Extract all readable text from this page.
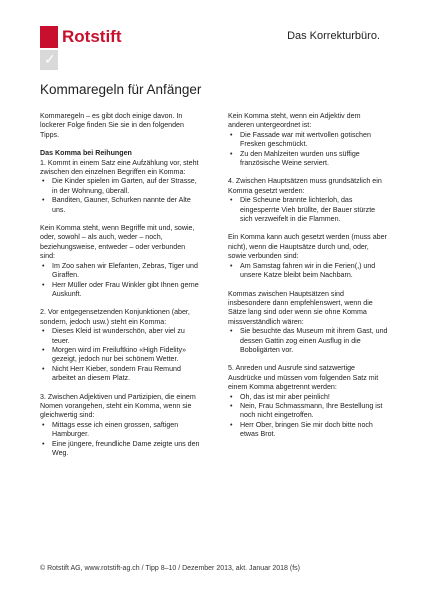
✓
Rotstift	Das Korrekturbüro.
Kommaregeln für Anfänger

Kommaregeln – es gibt doch einige davon. In lockerer Folge finden Sie sie in den folgenden Tipps.

Das Komma bei Reihungen

1. Kommt in einem Satz eine Aufzählung vor, steht zwischen den einzelnen Begriffen ein Komma:

• Die Kinder spielen im Garten, auf der Strasse, in der Wohnung, überall.
• Banditen, Gauner, Schurken nannte der Alte uns.

Kein Komma steht, wenn Begriffe mit und, sowie, oder, sowohl – als auch, weder – noch, beziehungsweise, entweder – oder verbunden sind:

• Im Zoo sahen wir Elefanten, Zebras, Tiger und Giraffen.
• Herr Müller oder Frau Winkler gibt Ihnen gerne Auskunft.

2. Vor entgegensetzenden Konjunktionen (aber, sondern, jedoch usw.) steht ein Komma:

• Dieses Kleid ist wunderschön, aber viel zu teuer.
• Morgen wird im Freiluftkino «High Fidelity» gezeigt, jedoch nur bei schönem Wetter.
• Nicht Herr Kieber, sondern Frau Remund arbeitet an diesem Platz.

3. Zwischen Adjektiven und Partizipien, die einem Nomen vorangehen, steht ein Komma, wenn sie gleichwertig sind:

• Mittags esse ich einen grossen, saftigen Hamburger.
• Eine jüngere, freundliche Dame zeigte uns den Weg.

Kein Komma steht, wenn ein Adjektiv dem anderen untergeordnet ist:

• Die Fassade war mit wertvollen gotischen Fresken geschmückt.
• Zu den Mahlzeiten wurden uns süffige französische Weine serviert.

4. Zwischen Hauptsätzen muss grundsätzlich ein Komma gesetzt werden:

• Die Scheune brannte lichterloh, das eingesperrte Vieh brüllte, der Bauer stürzte sich verzweifelt in die Flammen.

Ein Komma kann auch gesetzt werden (muss aber nicht), wenn die Hauptsätze durch und, oder, sowie verbunden sind:

• Am Samstag fahren wir in die Ferien(,) und unsere Katze bleibt beim Nachbarn.

Kommas zwischen Hauptsätzen sind insbesondere dann empfehlenswert, wenn die Sätze lang sind oder wenn sie ohne Komma missverständlich wären:

• Sie besuchte das Museum mit ihrem Gast, und dessen Gattin zog einen Ausflug in die Boboligärten vor.

5. Anreden und Ausrufe sind satzwertige Ausdrücke und müssen vom folgenden Satz mit einem Komma abgetrennt werden:

• Oh, das ist mir aber peinlich!
• Nein, Frau Schmassmann, Ihre Bestellung ist noch nicht eingetroffen.
• Herr Ober, bringen Sie mir doch bitte noch etwas Brot.
© Rotstift AG, www.rotstift-ag.ch / Tipp 8–10 / Dezember 2013, akt. Januar 2018 (fs)
